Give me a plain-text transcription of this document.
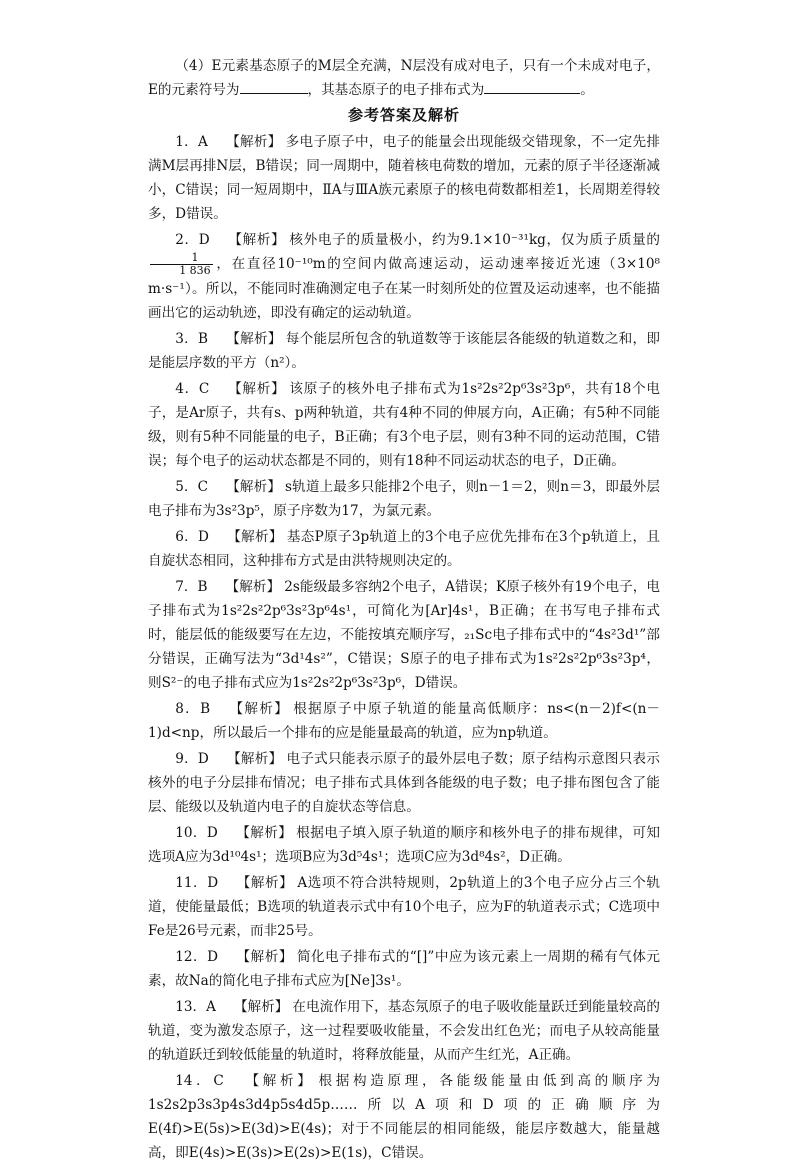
（4）E元素基态原子的M层全充满，N层没有成对电子，只有一个未成对电子，E的元素符号为	，其基态原子的电子排布式为	。

参考答案及解析

1．A 【解析】 多电子原子中，电子的能量会出现能级交错现象，不一定先排满M层再排N层，B错误；同一周期中，随着核电荷数的增加，元素的原子半径逐渐减小，C错误；同一短周期中，ⅡA与ⅢA族元素原子的核电荷数都相差1，长周期差得较多，D错误。

2．D 【解析】 核外电子的质量极小，约为9.1×10⁻³¹kg，仅为质子质量的
$\frac{1}{1 836}$ ，在直径10⁻¹⁰m的空间内做高速运动，运动速率接近光速（3×10⁸ m·s⁻¹）。所以，不能同时准确测定电子在某一时刻所处的位置及运动速率，也不能描画出它的运动轨迹，即没有确定的运动轨道。

3．B 【解析】 每个能层所包含的轨道数等于该能层各能级的轨道数之和，即是能层序数的平方（n²）。

4．C 【解析】 该原子的核外电子排布式为1s²2s²2p⁶3s²3p⁶，共有18个电子，是Ar原子，共有s、p两种轨道，共有4种不同的伸展方向，A正确；有5种不同能级，则有5种不同能量的电子，B正确；有3个电子层，则有3种不同的运动范围，C错误；每个电子的运动状态都是不同的，则有18种不同运动状态的电子，D正确。

5．C 【解析】 s轨道上最多只能排2个电子，则n－1＝2，则n＝3，即最外层电子排布为3s²3p⁵，原子序数为17，为氯元素。

6．D 【解析】 基态P原子3p轨道上的3个电子应优先排布在3个p轨道上，且自旋状态相同，这种排布方式是由洪特规则决定的。

7．B 【解析】 2s能级最多容纳2个电子，A错误；K原子核外有19个电子，电子排布式为1s²2s²2p⁶3s²3p⁶4s¹，可简化为[Ar]4s¹，B正确；在书写电子排布式时，能层低的能级要写在左边，不能按填充顺序写，₂₁Sc电子排布式中的“4s²3d¹”部分错误，正确写法为“3d¹4s²”，C错误；S原子的电子排布式为1s²2s²2p⁶3s²3p⁴，则S²⁻的电子排布式应为1s²2s²2p⁶3s²3p⁶，D错误。

8．B 【解析】 根据原子中原子轨道的能量高低顺序：ns<(n－2)f<(n－1)d<np，所以最后一个排布的应是能量最高的轨道，应为np轨道。

9．D 【解析】 电子式只能表示原子的最外层电子数；原子结构示意图只表示核外的电子分层排布情况；电子排布式具体到各能级的电子数；电子排布图包含了能层、能级以及轨道内电子的自旋状态等信息。

10．D 【解析】 根据电子填入原子轨道的顺序和核外电子的排布规律，可知选项A应为3d¹⁰4s¹；选项B应为3d⁵4s¹；选项C应为3d⁸4s²，D正确。

11．D 【解析】 A选项不符合洪特规则，2p轨道上的3个电子应分占三个轨道，使能量最低；B选项的轨道表示式中有10个电子，应为F的轨道表示式；C选项中Fe是26号元素，而非25号。

12．D 【解析】 简化电子排布式的“[]”中应为该元素上一周期的稀有气体元素，故Na的简化电子排布式应为[Ne]3s¹。

13．A 【解析】 在电流作用下，基态氖原子的电子吸收能量跃迁到能量较高的轨道，变为激发态原子，这一过程要吸收能量，不会发出红色光；而电子从较高能量的轨道跃迁到较低能量的轨道时，将释放能量，从而产生红光，A正确。

14．C 【解析】 根据构造原理，各能级能量由低到高的顺序为1s2s2p3s3p4s3d4p5s4d5p……所以A项和D项的正确顺序为E(4f)>E(5s)>E(3d)>E(4s)；对于不同能层的相同能级，能层序数越大，能量越高，即E(4s)>E(3s)>E(2s)>E(1s)，C错误。
